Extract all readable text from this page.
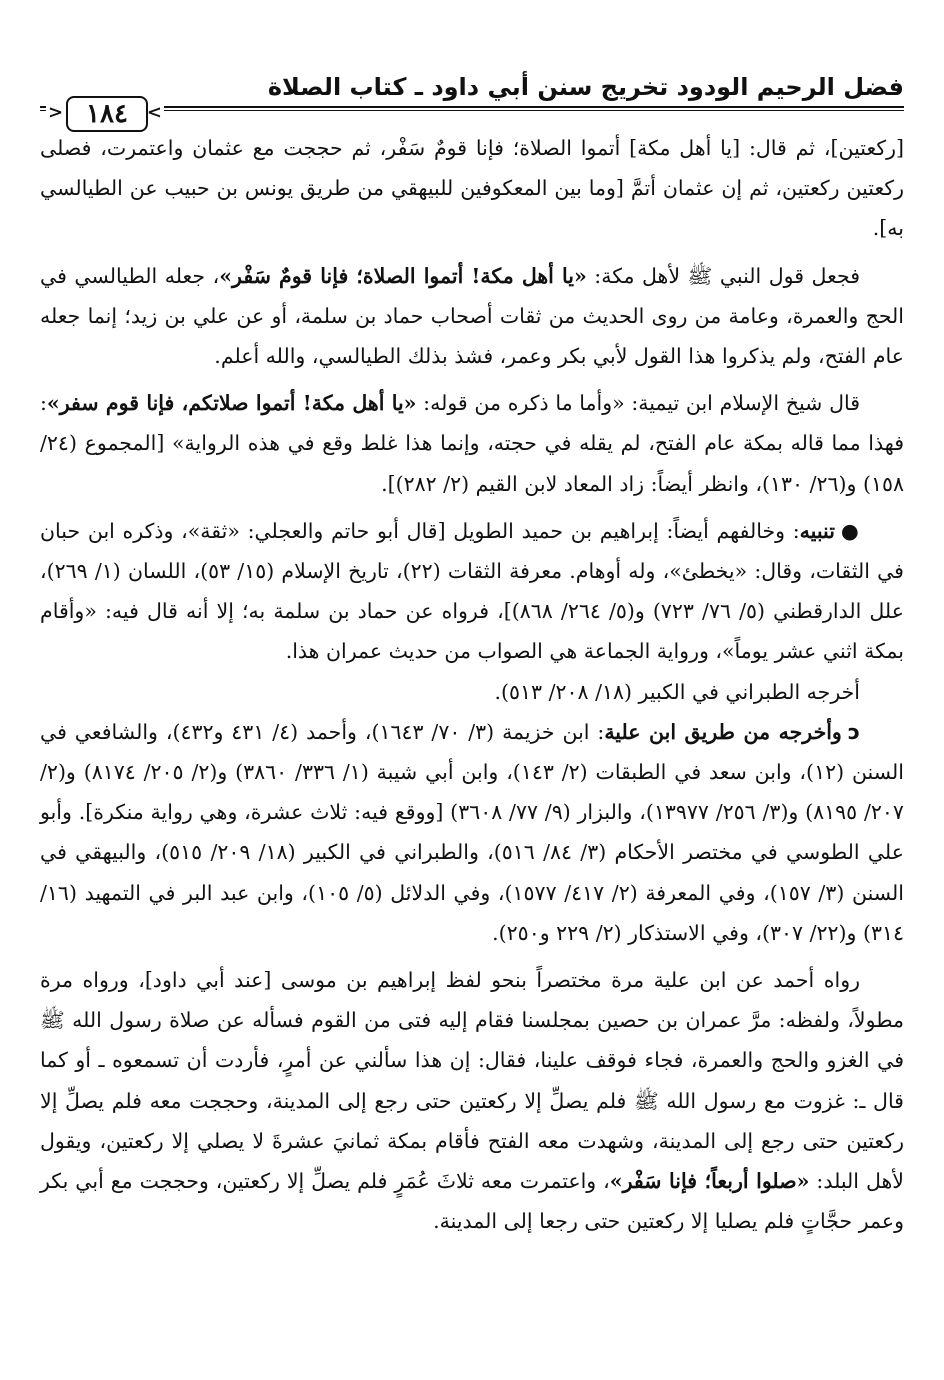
فضل الرحيم الودود تخريج سنن أبي داود ـ كتاب الصلاة
< ١٨٤	>

[ركعتين]، ثم قال: [يا أهل مكة] أتموا الصلاة؛ فإنا قومٌ سَفْر، ثم حججت مع عثمان واعتمرت، فصلى ركعتين ركعتين، ثم إن عثمان أتمَّ [وما بين المعكوفين للبيهقي من طريق يونس بن حبيب عن الطيالسي به].

فجعل قول النبي ﷺ لأهل مكة: «يا أهل مكة! أتموا الصلاة؛ فإنا قومٌ سَفْر»، جعله الطيالسي في الحج والعمرة، وعامة من روى الحديث من ثقات أصحاب حماد بن سلمة، أو عن علي بن زيد؛ إنما جعله عام الفتح، ولم يذكروا هذا القول لأبي بكر وعمر، فشذ بذلك الطيالسي، والله أعلم.

قال شيخ الإسلام ابن تيمية: «وأما ما ذكره من قوله: «يا أهل مكة! أتموا صلاتكم، فإنا قوم سفر»: فهذا مما قاله بمكة عام الفتح، لم يقله في حجته، وإنما هذا غلط وقع في هذه الرواية» [المجموع (٢٤/ ١٥٨) و(٢٦/ ١٣٠)، وانظر أيضاً: زاد المعاد لابن القيم (٢/ ٢٨٢)].

●تنبيه: وخالفهم أيضاً: إبراهيم بن حميد الطويل [قال أبو حاتم والعجلي: «ثقة»، وذكره ابن حبان في الثقات، وقال: «يخطئ»، وله أوهام. معرفة الثقات (٢٢)، تاريخ الإسلام (١٥/ ٥٣)، اللسان (١/ ٢٦٩)، علل الدارقطني (٥/ ٧٦/ ٧٢٣) و(٥/ ٢٦٤/ ٨٦٨)]، فرواه عن حماد بن سلمة به؛ إلا أنه قال فيه: «وأقام بمكة اثني عشر يوماً»، ورواية الجماعة هي الصواب من حديث عمران هذا.

أخرجه الطبراني في الكبير (١٨/ ٢٠٨/ ٥١٣).

ɔوأخرجه من طريق ابن علية: ابن خزيمة (٣/ ٧٠/ ١٦٤٣)، وأحمد (٤/ ٤٣١ و٤٣٢)، والشافعي في السنن (١٢)، وابن سعد في الطبقات (٢/ ١٤٣)، وابن أبي شيبة (١/ ٣٣٦/ ٣٨٦٠) و(٢/ ٢٠٥/ ٨١٧٤) و(٢/ ٢٠٧/ ٨١٩٥) و(٣/ ٢٥٦/ ١٣٩٧٧)، والبزار (٩/ ٧٧/ ٣٦٠٨) [ووقع فيه: ثلاث عشرة، وهي رواية منكرة]. وأبو علي الطوسي في مختصر الأحكام (٣/ ٨٤/ ٥١٦)، والطبراني في الكبير (١٨/ ٢٠٩/ ٥١٥)، والبيهقي في السنن (٣/ ١٥٧)، وفي المعرفة (٢/ ٤١٧/ ١٥٧٧)، وفي الدلائل (٥/ ١٠٥)، وابن عبد البر في التمهيد (١٦/ ٣١٤) و(٢٢/ ٣٠٧)، وفي الاستذكار (٢/ ٢٢٩ و٢٥٠).

رواه أحمد عن ابن علية مرة مختصراً بنحو لفظ إبراهيم بن موسى [عند أبي داود]، ورواه مرة مطولاً، ولفظه: مرَّ عمران بن حصين بمجلسنا فقام إليه فتى من القوم فسأله عن صلاة رسول الله ﷺ في الغزو والحج والعمرة، فجاء فوقف علينا، فقال: إن هذا سألني عن أمرٍ، فأردت أن تسمعوه ـ أو كما قال ـ: غزوت مع رسول الله ﷺ فلم يصلِّ إلا ركعتين حتى رجع إلى المدينة، وحججت معه فلم يصلِّ إلا ركعتين حتى رجع إلى المدينة، وشهدت معه الفتح فأقام بمكة ثمانيَ عشرةَ لا يصلي إلا ركعتين، ويقول لأهل البلد: «صلوا أربعاً؛ فإنا سَفْر»، واعتمرت معه ثلاثَ عُمَرٍ فلم يصلِّ إلا ركعتين، وحججت مع أبي بكر وعمر حجَّاتٍ فلم يصليا إلا ركعتين حتى رجعا إلى المدينة.
